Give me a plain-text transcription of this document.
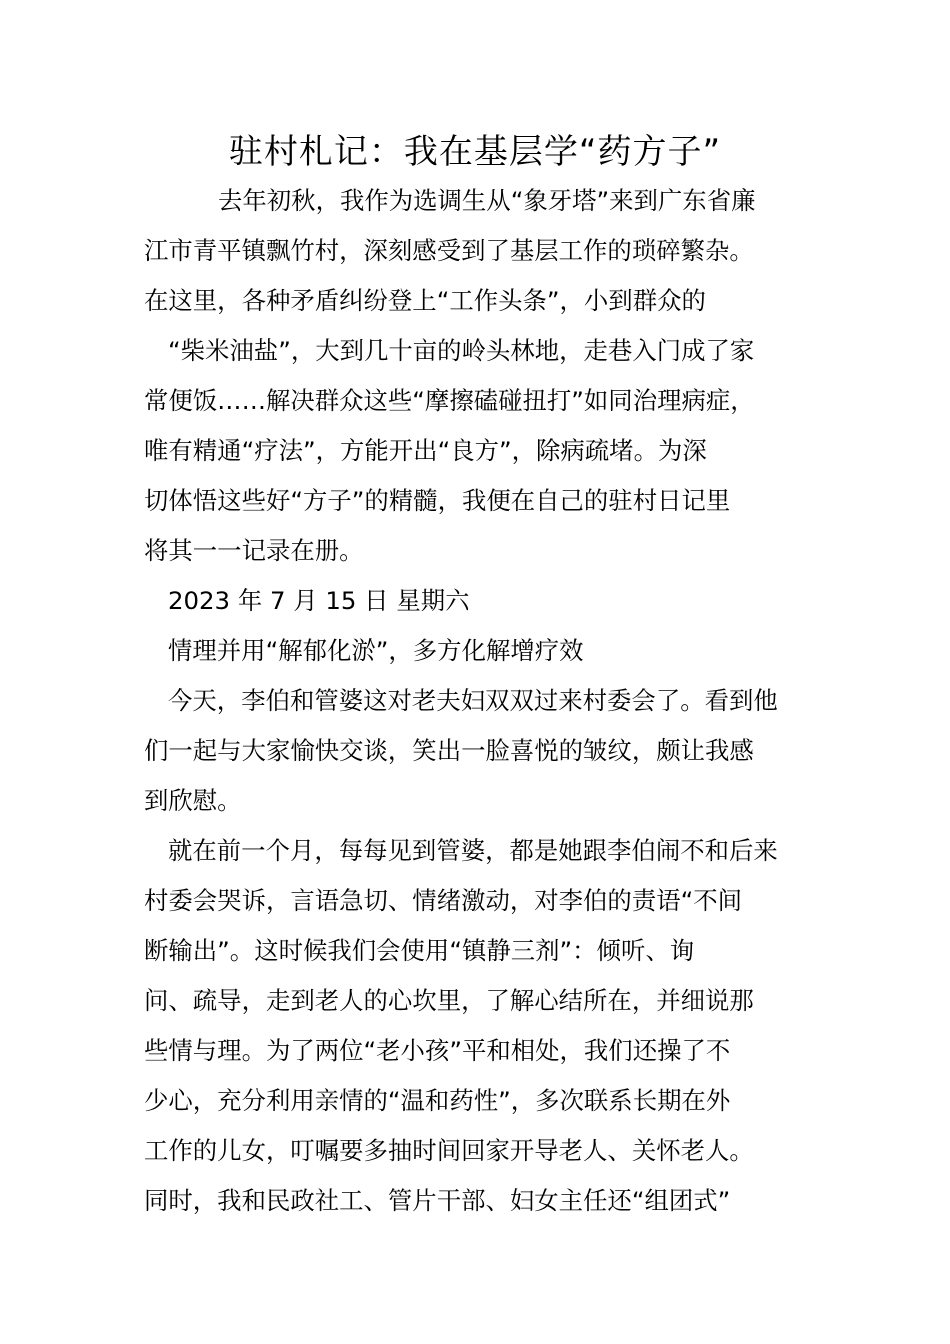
驻村札记：我在基层学“药方子”
去年初秋，我作为选调生从“象牙塔”来到广东省廉
江市青平镇飘竹村，深刻感受到了基层工作的琐碎繁杂。
在这里，各种矛盾纠纷登上“工作头条”，小到群众的
“柴米油盐”，大到几十亩的岭头林地，走巷入门成了家
常便饭……解决群众这些“摩擦磕碰扭打”如同治理病症，
唯有精通“疗法”，方能开出“良方”，除病疏堵。为深
切体悟这些好“方子”的精髓，我便在自己的驻村日记里
将其一一记录在册。
2023 年 7 月 15 日 星期六
情理并用“解郁化淤”，多方化解增疗效
今天，李伯和管婆这对老夫妇双双过来村委会了。看到他
们一起与大家愉快交谈，笑出一脸喜悦的皱纹，颇让我感
到欣慰。
就在前一个月，每每见到管婆，都是她跟李伯闹不和后来
村委会哭诉，言语急切、情绪激动，对李伯的责语“不间
断输出”。这时候我们会使用“镇静三剂”：倾听、询
问、疏导，走到老人的心坎里，了解心结所在，并细说那
些情与理。为了两位“老小孩”平和相处，我们还操了不
少心，充分利用亲情的“温和药性”，多次联系长期在外
工作的儿女，叮嘱要多抽时间回家开导老人、关怀老人。
同时，我和民政社工、管片干部、妇女主任还“组团式”
